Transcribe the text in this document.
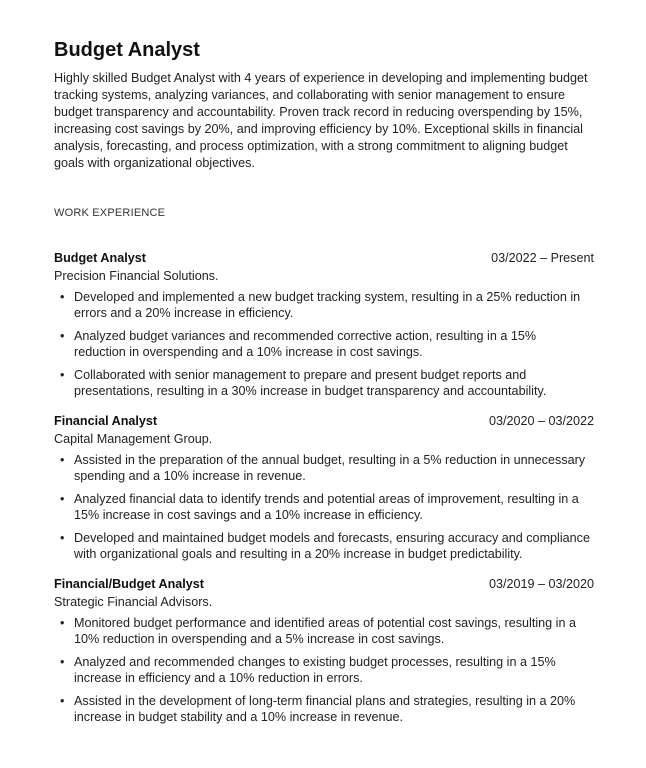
Budget Analyst

Highly skilled Budget Analyst with 4 years of experience in developing and implementing budget tracking systems, analyzing variances, and collaborating with senior management to ensure budget transparency and accountability. Proven track record in reducing overspending by 15%, increasing cost savings by 20%, and improving efficiency by 10%. Exceptional skills in financial analysis, forecasting, and process optimization, with a strong commitment to aligning budget goals with organizational objectives.

WORK EXPERIENCE
Budget Analyst	03/2022 – Present
Precision Financial Solutions.
• Developed and implemented a new budget tracking system, resulting in a 25% reduction in errors and a 20% increase in efficiency.
• Analyzed budget variances and recommended corrective action, resulting in a 15% reduction in overspending and a 10% increase in cost savings.
• Collaborated with senior management to prepare and present budget reports and presentations, resulting in a 30% increase in budget transparency and accountability.
Financial Analyst	03/2020 – 03/2022
Capital Management Group.
• Assisted in the preparation of the annual budget, resulting in a 5% reduction in unnecessary spending and a 10% increase in revenue.
• Analyzed financial data to identify trends and potential areas of improvement, resulting in a 15% increase in cost savings and a 10% increase in efficiency.
• Developed and maintained budget models and forecasts, ensuring accuracy and compliance with organizational goals and resulting in a 20% increase in budget predictability.
Financial/Budget Analyst	03/2019 – 03/2020
Strategic Financial Advisors.
• Monitored budget performance and identified areas of potential cost savings, resulting in a 10% reduction in overspending and a 5% increase in cost savings.
• Analyzed and recommended changes to existing budget processes, resulting in a 15% increase in efficiency and a 10% reduction in errors.
• Assisted in the development of long-term financial plans and strategies, resulting in a 20% increase in budget stability and a 10% increase in revenue.
